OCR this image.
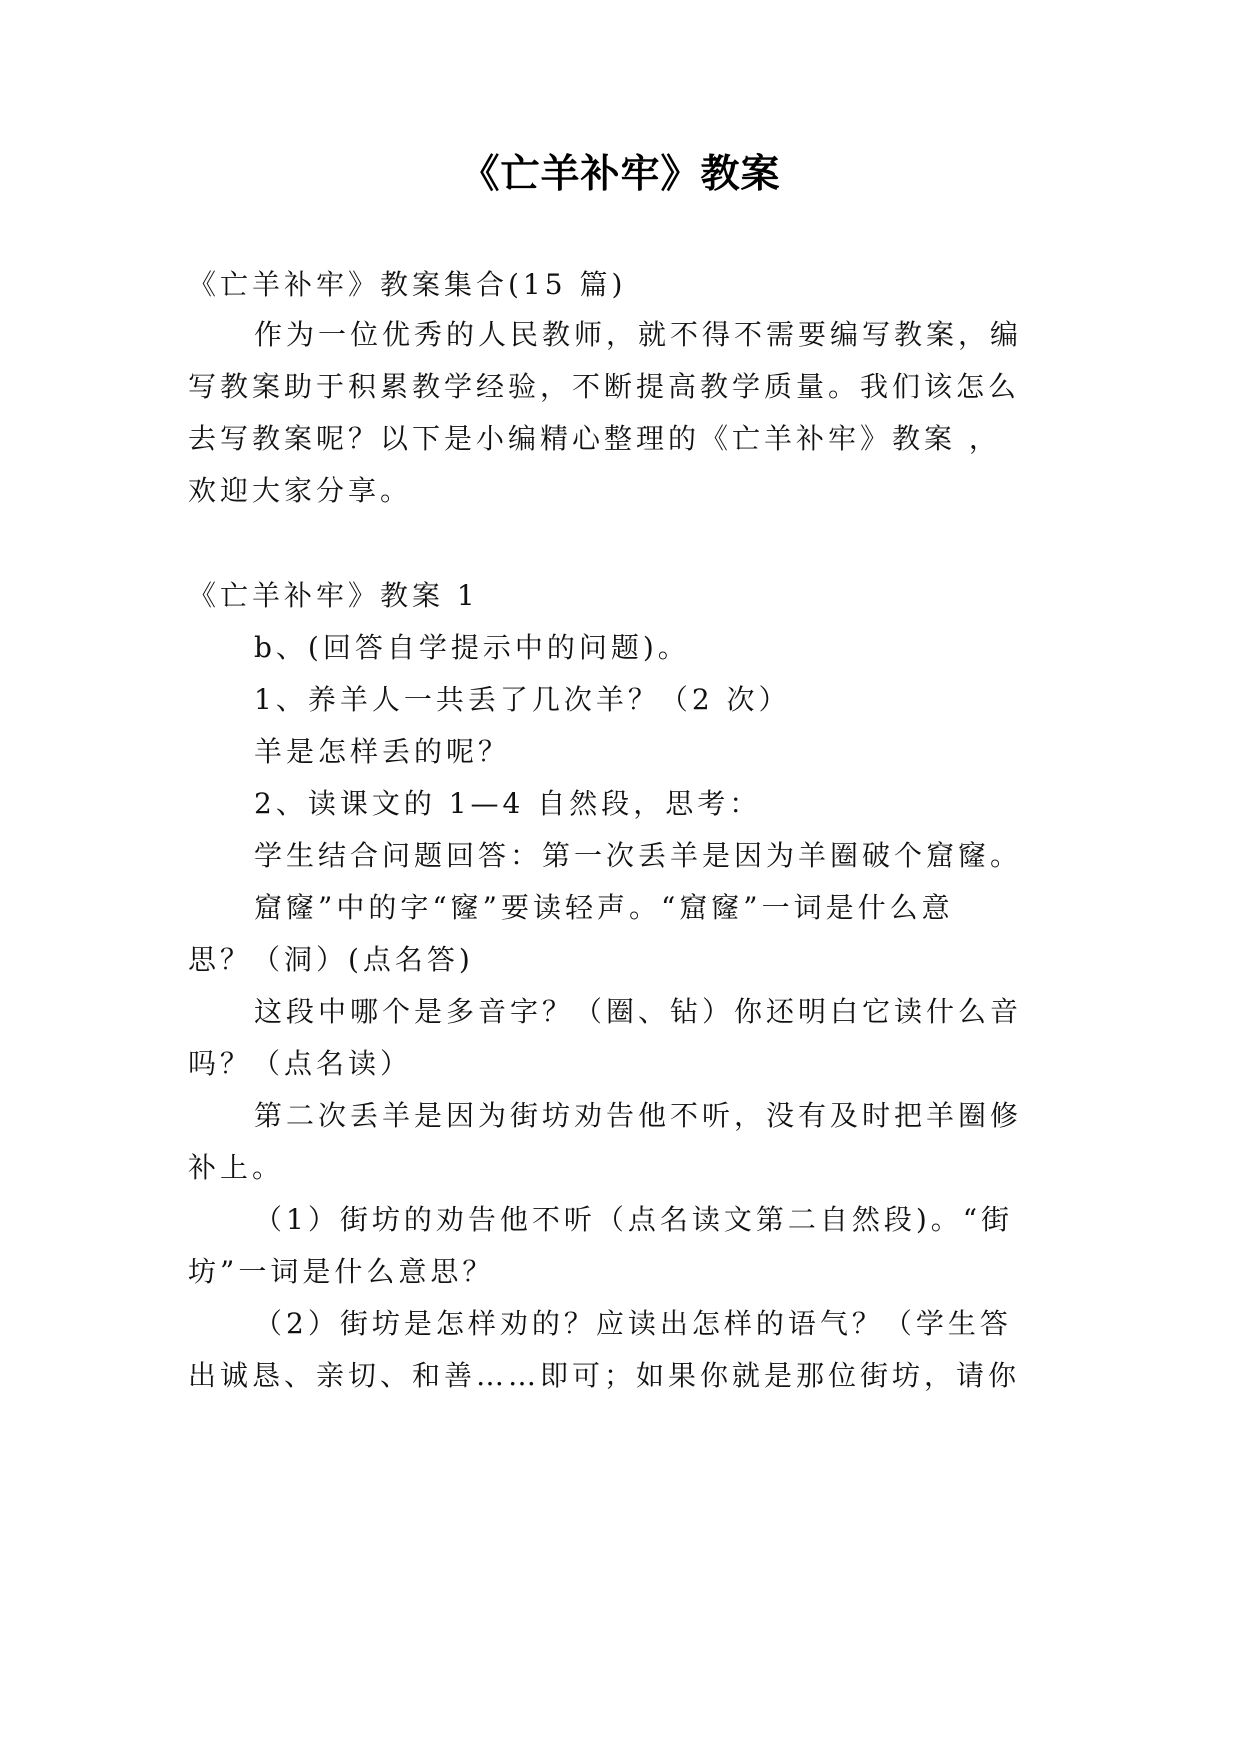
《亡羊补牢》教案
《亡羊补牢》教案集合(15 篇)
作为一位优秀的人民教师，就不得不需要编写教案，编
写教案助于积累教学经验，不断提高教学质量。我们该怎么
去写教案呢？以下是小编精心整理的《亡羊补牢》教案 ，
欢迎大家分享。
《亡羊补牢》教案 1
b、(回答自学提示中的问题)。
1、养羊人一共丢了几次羊？（2 次）
羊是怎样丢的呢？
2、读课文的 1—4 自然段，思考：
学生结合问题回答：第一次丢羊是因为羊圈破个窟窿。
窟窿”中的字“窿”要读轻声。“窟窿”一词是什么意
思？（洞）(点名答)
这段中哪个是多音字？（圈、钻）你还明白它读什么音
吗？（点名读）
第二次丢羊是因为街坊劝告他不听，没有及时把羊圈修
补上。
（1）街坊的劝告他不听（点名读文第二自然段)。“街
坊”一词是什么意思？
（2）街坊是怎样劝的？应读出怎样的语气？（学生答
出诚恳、亲切、和善……即可；如果你就是那位街坊，请你
